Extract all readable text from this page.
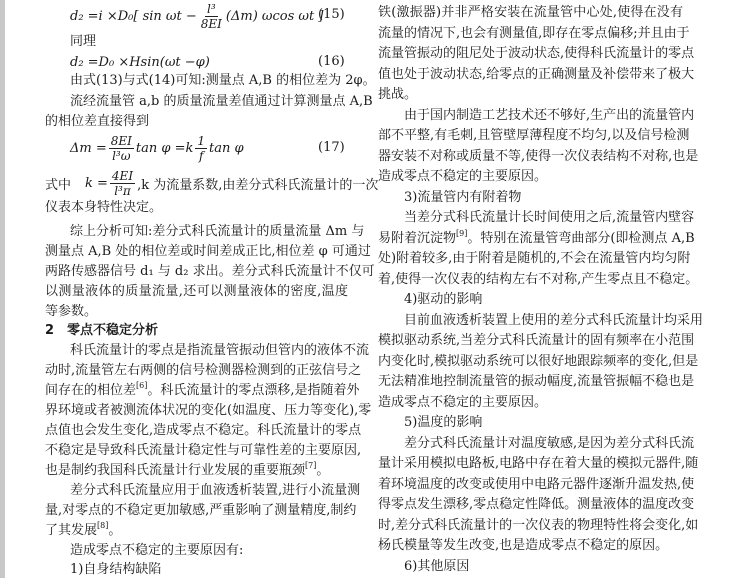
d₂ =i ×D₀[ $\sin \omega t - \frac{\text{l³}}{8EI} (\Delta m)$ ωcos ωt ]
(15)
d₂ =D₀ ×Hsin(ωt −φ)	(16)
$\Delta m = \frac{8EI}{\text{l³ω}}$ $\tan \varphi =k \frac{1}{f}$ tan φ	(17)
式中 $k = \frac{4EI}{\text{l³π}} ,k$ 为流量系数,由差分式科氏流量计的一次
同理
由式(13)与式(14)可知:测量点 A,B 的相位差为 2φ。
流经流量管 a,b 的质量流量差值通过计算测量点 A,B
的相位差直接得到
仪表本身特性决定。
综上分析可知:差分式科氏流量计的质量流量 Δm 与
测量点 A,B 处的相位差或时间差成正比,相位差 φ 可通过
两路传感器信号 d₁ 与 d₂ 求出。差分式科氏流量计不仅可
以测量液体的质量流量,还可以测量液体的密度,温度
等参数。
2　零点不稳定分析
科氏流量计的零点是指流量管振动但管内的液体不流
动时,流量管左右两侧的信号检测器检测到的正弦信号之
间存在的相位差[6]。科氏流量计的零点漂移,是指随着外
界环境或者被测流体状况的变化(如温度、压力等变化),零
点值也会发生变化,造成零点不稳定。科氏流量计的零点
不稳定是导致科氏流量计稳定性与可靠性差的主要原因,
也是制约我国科氏流量计行业发展的重要瓶颈[7]。
差分式科氏流量应用于血液透析装置,进行小流量测
量,对零点的不稳定更加敏感,严重影响了测量精度,制约
了其发展[8]。
造成零点不稳定的主要原因有:
1)自身结构缺陷
铁(激振器)并非严格安装在流量管中心处,使得在没有
流量的情况下,也会有测量值,即存在零点偏移;并且由于
流量管振动的阻尼处于波动状态,使得科氏流量计的零点
值也处于波动状态,给零点的正确测量及补偿带来了极大
挑战。
由于国内制造工艺技术还不够好,生产出的流量管内
部不平整,有毛刺,且管壁厚薄程度不均匀,以及信号检测
器安装不对称或质量不等,使得一次仪表结构不对称,也是
造成零点不稳定的主要原因。
3)流量管内有附着物
当差分式科氏流量计长时间使用之后,流量管内壁容
易附着沉淀物[9]。特别在流量管弯曲部分(即检测点 A,B
处)附着较多,由于附着是随机的,不会在流量管内均匀附
着,使得一次仪表的结构左右不对称,产生零点且不稳定。
4)驱动的影响
目前血液透析装置上使用的差分式科氏流量计均采用
模拟驱动系统,当差分式科氏流量计的固有频率在小范围
内变化时,模拟驱动系统可以很好地跟踪频率的变化,但是
无法精准地控制流量管的振动幅度,流量管振幅不稳也是
造成零点不稳定的主要原因。
5)温度的影响
差分式科氏流量计对温度敏感,是因为差分式科氏流
量计采用模拟电路板,电路中存在着大量的模拟元器件,随
着环境温度的改变或使用中电路元器件逐渐升温发热,使
得零点发生漂移,零点稳定性降低。测量液体的温度改变
时,差分式科氏流量计的一次仪表的物理特性将会变化,如
杨氏模量等发生改变,也是造成零点不稳定的原因。
6)其他原因
